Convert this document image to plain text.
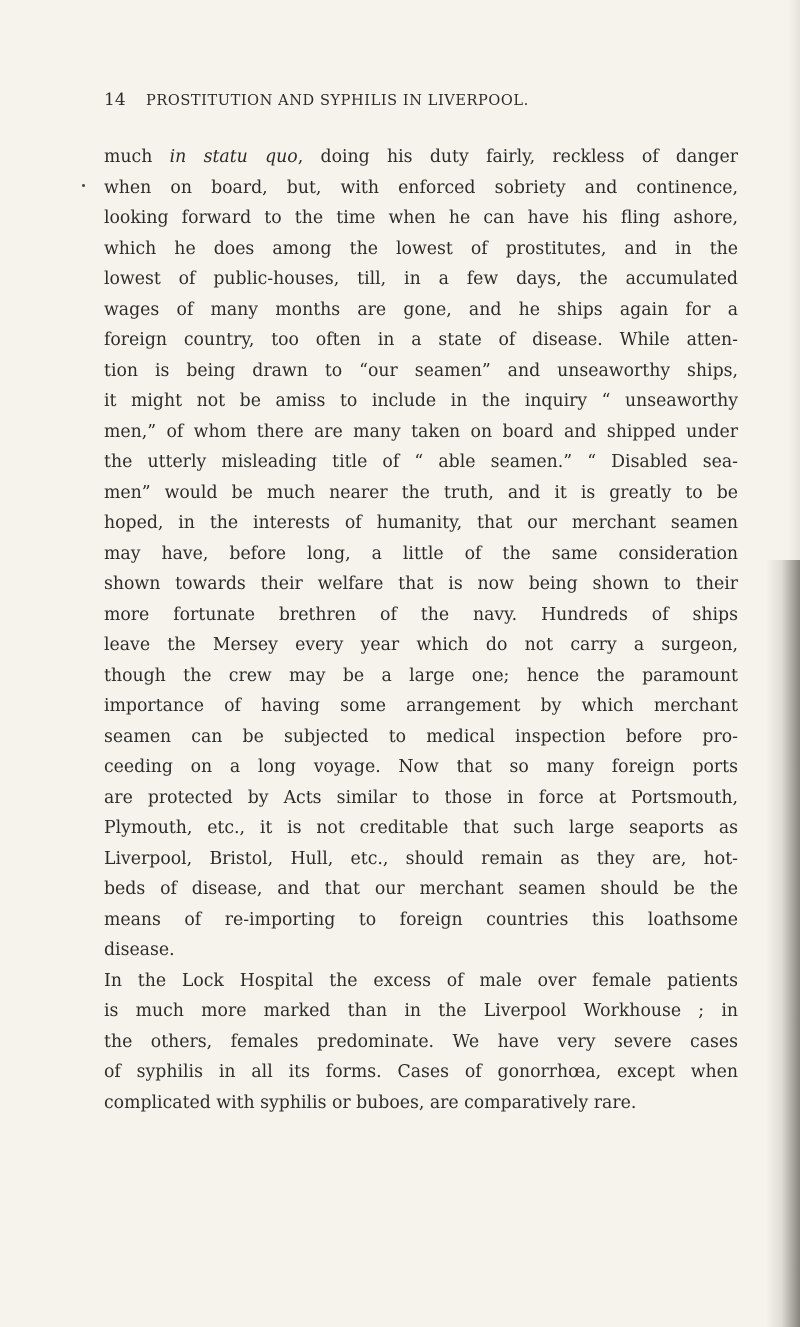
14 PROSTITUTION AND SYPHILIS IN LIVERPOOL.
much in statu quo, doing his duty fairly, reckless of danger
when on board, but, with enforced sobriety and continence,
looking forward to the time when he can have his fling ashore,
which he does among the lowest of prostitutes, and in the
lowest of public-houses, till, in a few days, the accumulated
wages of many months are gone, and he ships again for a
foreign country, too often in a state of disease. While atten-
tion is being drawn to “our seamen” and unseaworthy ships,
it might not be amiss to include in the inquiry “ unseaworthy
men,” of whom there are many taken on board and shipped under
the utterly misleading title of “ able seamen.” “ Disabled sea-
men” would be much nearer the truth, and it is greatly to be
hoped, in the interests of humanity, that our merchant seamen
may have, before long, a little of the same consideration
shown towards their welfare that is now being shown to their
more fortunate brethren of the navy. Hundreds of ships
leave the Mersey every year which do not carry a surgeon,
though the crew may be a large one; hence the paramount
importance of having some arrangement by which merchant
seamen can be subjected to medical inspection before pro-
ceeding on a long voyage. Now that so many foreign ports
are protected by Acts similar to those in force at Portsmouth,
Plymouth, etc., it is not creditable that such large seaports as
Liverpool, Bristol, Hull, etc., should remain as they are, hot-
beds of disease, and that our merchant seamen should be the
means of re-importing to foreign countries this loathsome
disease.
In the Lock Hospital the excess of male over female patients
is much more marked than in the Liverpool Workhouse ; in
the others, females predominate. We have very severe cases
of syphilis in all its forms. Cases of gonorrhœa, except when
complicated with syphilis or buboes, are comparatively rare.
